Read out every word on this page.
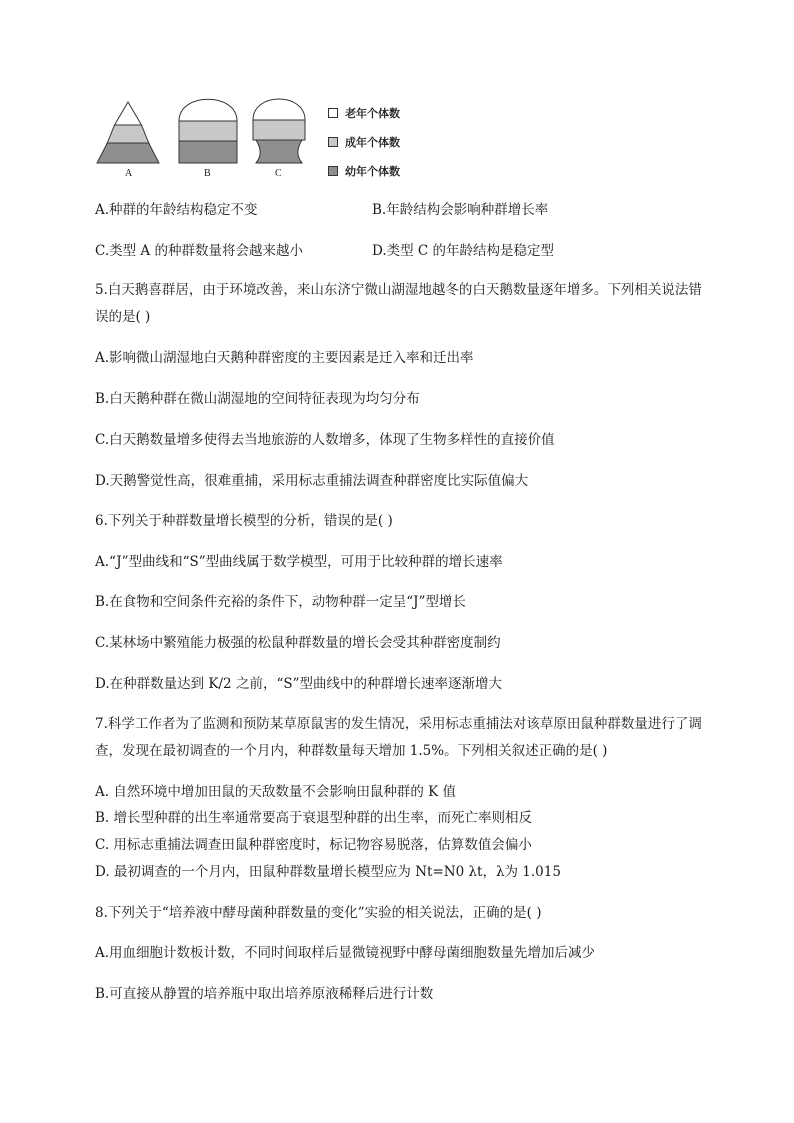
A	B	C
老年个体数
成年个体数
幼年个体数
A.种群的年龄结构稳定不变	B.年龄结构会影响种群增长率
C.类型 A 的种群数量将会越来越小	D.类型 C 的年龄结构是稳定型
5.白天鹅喜群居，由于环境改善，来山东济宁微山湖湿地越冬的白天鹅数量逐年增多。下列相关说法错误的是( )
A.影响微山湖湿地白天鹅种群密度的主要因素是迁入率和迁出率
B.白天鹅种群在微山湖湿地的空间特征表现为均匀分布
C.白天鹅数量增多使得去当地旅游的人数增多，体现了生物多样性的直接价值
D.天鹅警觉性高，很难重捕，采用标志重捕法调查种群密度比实际值偏大
6.下列关于种群数量增长模型的分析，错误的是( )
A.“J”型曲线和“S”型曲线属于数学模型，可用于比较种群的增长速率
B.在食物和空间条件充裕的条件下，动物种群一定呈“J”型增长
C.某林场中繁殖能力极强的松鼠种群数量的增长会受其种群密度制约
D.在种群数量达到 K/2 之前，“S”型曲线中的种群增长速率逐渐增大
7.科学工作者为了监测和预防某草原鼠害的发生情况，采用标志重捕法对该草原田鼠种群数量进行了调查，发现在最初调查的一个月内，种群数量每天增加 1.5%。下列相关叙述正确的是( )
A. 自然环境中增加田鼠的天敌数量不会影响田鼠种群的 K 值
B. 增长型种群的出生率通常要高于衰退型种群的出生率，而死亡率则相反
C. 用标志重捕法调查田鼠种群密度时，标记物容易脱落，估算数值会偏小
D. 最初调查的一个月内，田鼠种群数量增长模型应为 Nt=N0 λt，λ为 1.015
8.下列关于“培养液中酵母菌种群数量的变化”实验的相关说法，正确的是( )
A.用血细胞计数板计数，不同时间取样后显微镜视野中酵母菌细胞数量先增加后减少
B.可直接从静置的培养瓶中取出培养原液稀释后进行计数
